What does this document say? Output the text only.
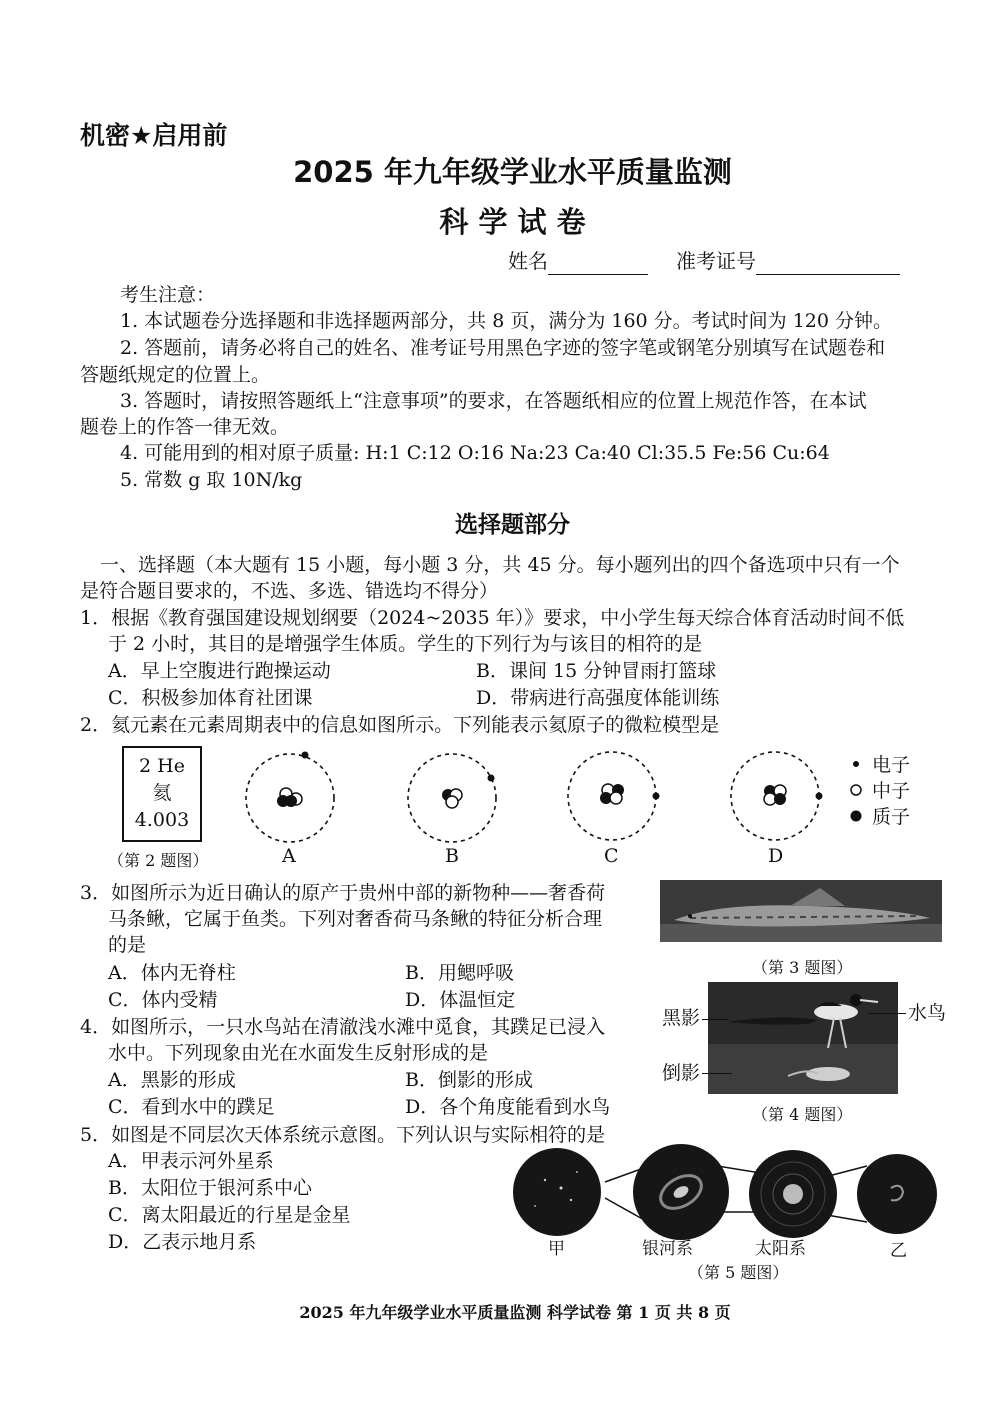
机密★启用前
2025 年九年级学业水平质量监测
科 学 试 卷
姓名	准考证号
考生注意：
1. 本试题卷分选择题和非选择题两部分，共 8 页，满分为 160 分。考试时间为 120 分钟。
2. 答题前，请务必将自己的姓名、准考证号用黑色字迹的签字笔或钢笔分别填写在试题卷和
答题纸规定的位置上。
3. 答题时，请按照答题纸上“注意事项”的要求，在答题纸相应的位置上规范作答，在本试
题卷上的作答一律无效。
4. 可能用到的相对原子质量: H:1 C:12 O:16 Na:23 Ca:40 Cl:35.5 Fe:56 Cu:64
5. 常数 g 取 10N/kg
选择题部分
一、选择题（本大题有 15 小题，每小题 3 分，共 45 分。每小题列出的四个备选项中只有一个
是符合题目要求的，不选、多选、错选均不得分）
1．根据《教育强国建设规划纲要（2024~2035 年）》要求，中小学生每天综合体育活动时间不低
于 2 小时，其目的是增强学生体质。学生的下列行为与该目的相符的是
A．早上空腹进行跑操运动	B．课间 15 分钟冒雨打篮球
C．积极参加体育社团课	D．带病进行高强度体能训练
2．氦元素在元素周期表中的信息如图所示。下列能表示氦原子的微粒模型是
2 He
氦
4.003
（第 2 题图）	A	B	C	D
电子
中子
质子
3．如图所示为近日确认的原产于贵州中部的新物种——奢香荷
马条鳅，它属于鱼类。下列对奢香荷马条鳅的特征分析合理
的是
A．体内无脊柱	B．用鳃呼吸
C．体内受精	D．体温恒定
（第 3 题图）
4．如图所示，一只水鸟站在清澈浅水滩中觅食，其蹼足已浸入
水中。下列现象由光在水面发生反射形成的是
A．黑影的形成	B．倒影的形成
C．看到水中的蹼足	D．各个角度能看到水鸟
黑影
倒影
水鸟
（第 4 题图）
5．如图是不同层次天体系统示意图。下列认识与实际相符的是
A．甲表示河外星系
B．太阳位于银河系中心
C．离太阳最近的行星是金星
D．乙表示地月系	甲	银河系	太阳系	乙
（第 5 题图）
2025 年九年级学业水平质量监测 科学试卷 第 1 页 共 8 页
